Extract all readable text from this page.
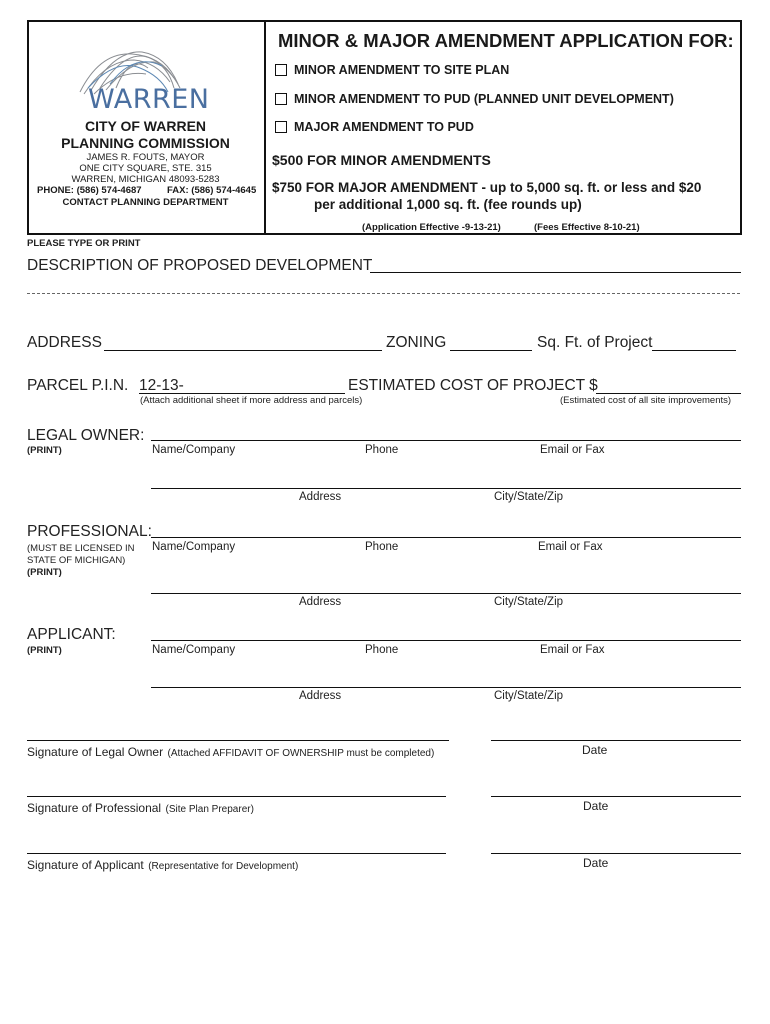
WARREN
CITY OF WARREN
PLANNING COMMISSION
JAMES R. FOUTS, MAYOR
ONE CITY SQUARE, STE. 315
WARREN, MICHIGAN 48093-5283
PHONE: (586) 574-4687	FAX: (586) 574-4645
CONTACT PLANNING DEPARTMENT
MINOR & MAJOR AMENDMENT APPLICATION FOR:
MINOR AMENDMENT TO SITE PLAN
MINOR AMENDMENT TO PUD (PLANNED UNIT DEVELOPMENT)
MAJOR AMENDMENT TO PUD
$500 FOR MINOR AMENDMENTS
$750 FOR MAJOR AMENDMENT - up to 5,000 sq. ft. or less and $20
per additional 1,000 sq. ft. (fee rounds up)
(Application Effective -9-13-21)	(Fees Effective 8-10-21)
PLEASE TYPE OR PRINT
DESCRIPTION OF PROPOSED DEVELOPMENT
ADDRESS	ZONING	Sq. Ft. of Project
PARCEL P.I.N. 12-13-	ESTIMATED COST OF PROJECT $
(Attach additional sheet if more address and parcels)	(Estimated cost of all site improvements)
LEGAL OWNER:
(PRINT)	Name/Company	Phone	Email or Fax
Address	City/State/Zip
PROFESSIONAL:
(MUST BE LICENSED IN
STATE OF MICHIGAN)
(PRINT)
Name/Company	Phone	Email or Fax
Address	City/State/Zip
APPLICANT:
(PRINT)	Name/Company	Phone	Email or Fax
Address	City/State/Zip
Signature of Legal Owner (Attached AFFIDAVIT OF OWNERSHIP must be completed)	Date
Signature of Professional (Site Plan Preparer)	Date
Signature of Applicant (Representative for Development)	Date
